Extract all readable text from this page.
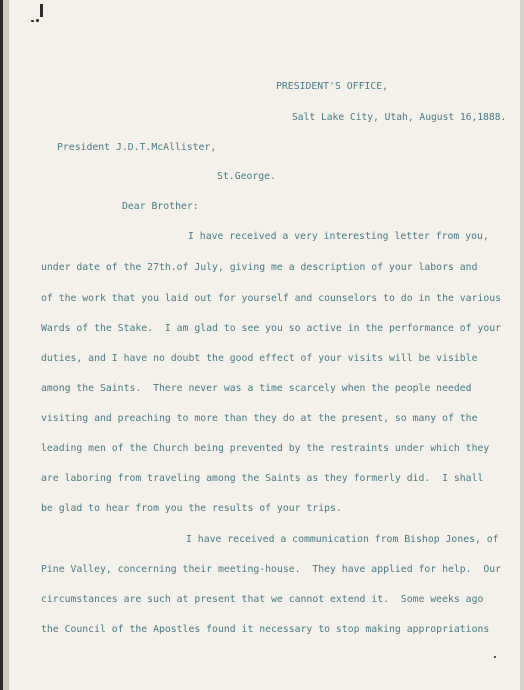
PRESIDENT'S OFFICE,

Salt Lake City, Utah, August 16,1888.

President J.D.T.McAllister,

St.George.

Dear Brother:

I have received a very interesting letter from you,

under date of the 27th.of July, giving me a description of your labors and

of the work that you laid out for yourself and counselors to do in the various

Wards of the Stake.  I am glad to see you so active in the performance of your

duties, and I have no doubt the good effect of your visits will be visible

among the Saints.  There never was a time scarcely when the people needed

visiting and preaching to more than they do at the present, so many of the

leading men of the Church being prevented by the restraints under which they

are laboring from traveling among the Saints as they formerly did.  I shall

be glad to hear from you the results of your trips.

I have received a communication from Bishop Jones, of

Pine Valley, concerning their meeting-house.  They have applied for help.  Our

circumstances are such at present that we cannot extend it.  Some weeks ago

the Council of the Apostles found it necessary to stop making appropriations
